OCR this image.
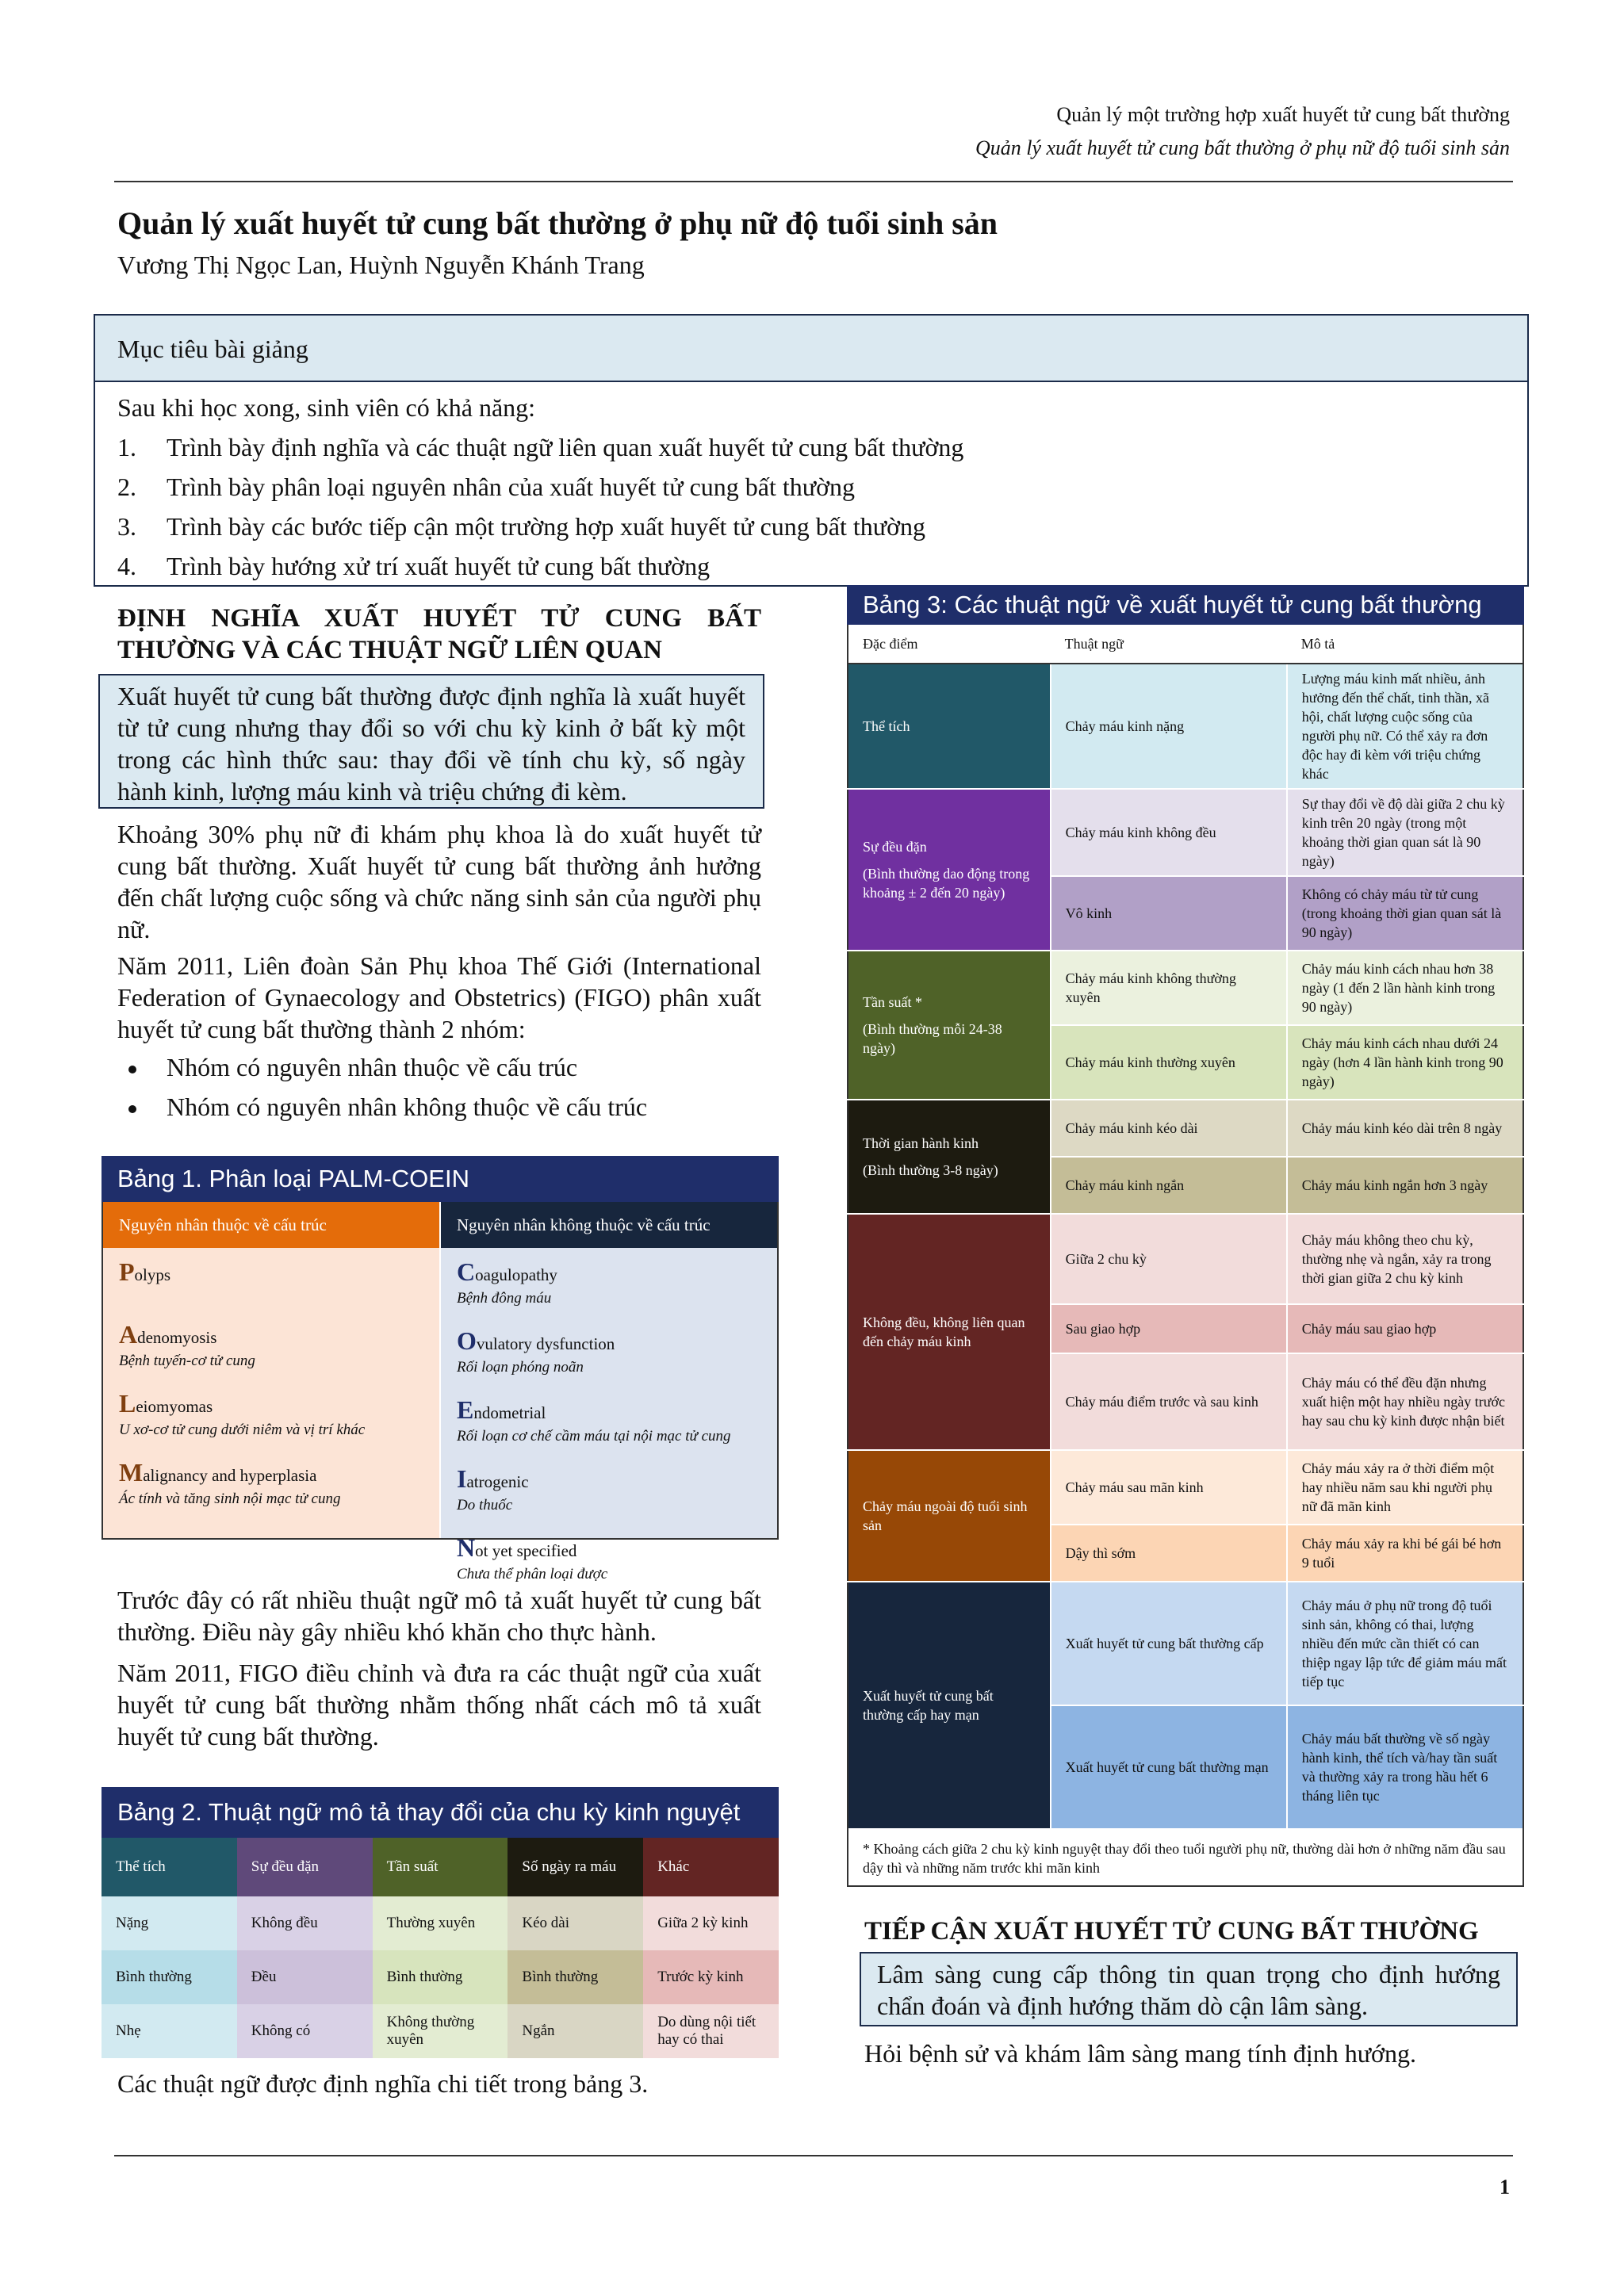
Quản lý một trường hợp xuất huyết tử cung bất thường
Quản lý xuất huyết tử cung bất thường ở phụ nữ độ tuổi sinh sản
Quản lý xuất huyết tử cung bất thường ở phụ nữ độ tuổi sinh sản
Vương Thị Ngọc Lan, Huỳnh Nguyễn Khánh Trang
Mục tiêu bài giảng
Sau khi học xong, sinh viên có khả năng:
1. Trình bày định nghĩa và các thuật ngữ liên quan xuất huyết tử cung bất thường
2. Trình bày phân loại nguyên nhân của xuất huyết tử cung bất thường
3. Trình bày các bước tiếp cận một trường hợp xuất huyết tử cung bất thường
4. Trình bày hướng xử trí xuất huyết tử cung bất thường
ĐỊNH NGHĨA XUẤT HUYẾT TỬ CUNG BẤT
THƯỜNG VÀ CÁC THUẬT NGỮ LIÊN QUAN
Xuất huyết tử cung bất thường được định nghĩa là xuất huyết từ tử cung nhưng thay đổi so với chu kỳ kinh ở bất kỳ một trong các hình thức sau: thay đổi về tính chu kỳ, số ngày hành kinh, lượng máu kinh và triệu chứng đi kèm.
Khoảng 30% phụ nữ đi khám phụ khoa là do xuất huyết tử cung bất thường. Xuất huyết tử cung bất thường ảnh hưởng đến chất lượng cuộc sống và chức năng sinh sản của người phụ nữ.
Năm 2011, Liên đoàn Sản Phụ khoa Thế Giới (International Federation of Gynaecology and Obstetrics) (FIGO) phân xuất huyết tử cung bất thường thành 2 nhóm:
Nhóm có nguyên nhân thuộc về cấu trúc
Nhóm có nguyên nhân không thuộc về cấu trúc
Bảng 1. Phân loại PALM-COEIN
Nguyên nhân thuộc về cấu trúc
Polyps
Adenomyosis
Bệnh tuyến-cơ tử cung
Leiomyomas
U xơ-cơ tử cung dưới niêm và vị trí khác
Malignancy and hyperplasia
Ác tính và tăng sinh nội mạc tử cung
Nguyên nhân không thuộc về cấu trúc
Coagulopathy
Bệnh đông máu
Ovulatory dysfunction
Rối loạn phóng noãn
Endometrial
Rối loạn cơ chế cầm máu tại nội mạc tử cung
Iatrogenic
Do thuốc
Not yet specified
Chưa thể phân loại được
Trước đây có rất nhiều thuật ngữ mô tả xuất huyết tử cung bất thường. Điều này gây nhiều khó khăn cho thực hành.
Năm 2011, FIGO điều chỉnh và đưa ra các thuật ngữ của xuất huyết tử cung bất thường nhằm thống nhất cách mô tả xuất huyết tử cung bất thường.
Bảng 2. Thuật ngữ mô tả thay đổi của chu kỳ kinh nguyệt
Thể tích	Sự đều đặn	Tần suất	Số ngày ra máu	Khác
Nặng	Không đều	Thường xuyên	Kéo dài	Giữa 2 kỳ kinh
Bình thường	Đều	Bình thường	Bình thường	Trước kỳ kinh
Nhẹ	Không có	Không thường xuyên	Ngắn	Do dùng nội tiết hay có thai
Các thuật ngữ được định nghĩa chi tiết trong bảng 3.
Bảng 3: Các thuật ngữ về xuất huyết tử cung bất thường
Đặc điểm	Thuật ngữ	Mô tả

Thể tích	Chảy máu kinh nặng	Lượng máu kinh mất nhiều, ảnh hưởng đến thể chất, tinh thần, xã hội, chất lượng cuộc sống của người phụ nữ. Có thể xảy ra đơn độc hay đi kèm với triệu chứng khác

Sự đều đặn
(Bình thường dao động trong khoảng ± 2 đến 20 ngày)	Chảy máu kinh không đều	Sự thay đổi về độ dài giữa 2 chu kỳ kinh trên 20 ngày (trong một khoảng thời gian quan sát là 90 ngày)
	Vô kinh	Không có chảy máu từ tử cung (trong khoảng thời gian quan sát là 90 ngày)

Tần suất *
(Bình thường mỗi 24-38 ngày)	Chảy máu kinh không thường xuyên	Chảy máu kinh cách nhau hơn 38 ngày (1 đến 2 lần hành kinh trong 90 ngày)
	Chảy máu kinh thường xuyên	Chảy máu kinh cách nhau dưới 24 ngày (hơn 4 lần hành kinh trong 90 ngày)

Thời gian hành kinh
(Bình thường 3-8 ngày)	Chảy máu kinh kéo dài	Chảy máu kinh kéo dài trên 8 ngày
	Chảy máu kinh ngắn	Chảy máu kinh ngắn hơn 3 ngày

Không đều, không liên quan đến chảy máu kinh	Giữa 2 chu kỳ	Chảy máu không theo chu kỳ, thường nhẹ và ngắn, xảy ra trong thời gian giữa 2 chu kỳ kinh
	Sau giao hợp	Chảy máu sau giao hợp
	Chảy máu điểm trước và sau kinh	Chảy máu có thể đều đặn nhưng xuất hiện một hay nhiều ngày trước hay sau chu kỳ kinh được nhận biết

Chảy máu ngoài độ tuổi sinh sản	Chảy máu sau mãn kinh	Chảy máu xảy ra ở thời điểm một hay nhiều năm sau khi người phụ nữ đã mãn kinh
	Dậy thì sớm	Chảy máu xảy ra khi bé gái bé hơn 9 tuổi

Xuất huyết tử cung bất thường cấp hay mạn	Xuất huyết tử cung bất thường cấp	Chảy máu ở phụ nữ trong độ tuổi sinh sản, không có thai, lượng nhiều đến mức cần thiết có can thiệp ngay lập tức để giảm máu mất tiếp tục
	Xuất huyết tử cung bất thường mạn	Chảy máu bất thường về số ngày hành kinh, thể tích và/hay tần suất và thường xảy ra trong hầu hết 6 tháng liên tục
* Khoảng cách giữa 2 chu kỳ kinh nguyệt thay đổi theo tuổi người phụ nữ, thường dài hơn ở những năm đầu sau dậy thì và những năm trước khi mãn kinh
TIẾP CẬN XUẤT HUYẾT TỬ CUNG BẤT THƯỜNG
Lâm sàng cung cấp thông tin quan trọng cho định hướng chẩn đoán và định hướng thăm dò cận lâm sàng.
Hỏi bệnh sử và khám lâm sàng mang tính định hướng.
1
